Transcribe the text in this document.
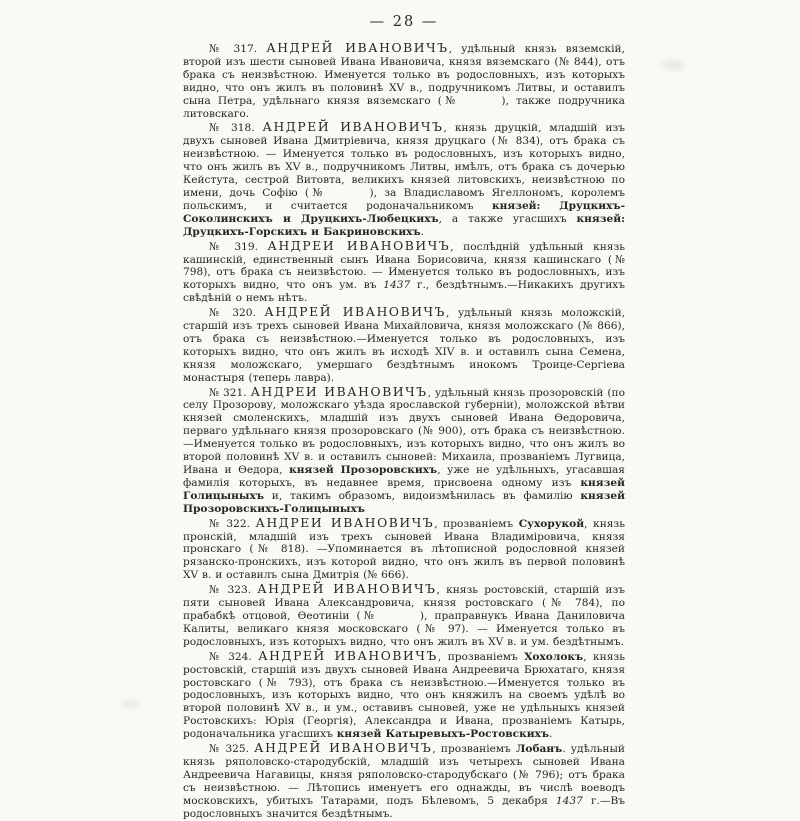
— 28 —

№ 317. АНДРЕЙ ИВАНОВИЧЪ, удѣльный князь вяземскій, второй изъ шести сыновей Ивана Ивановича, князя вяземскаго (№ 844), отъ брака съ неизвѣстною. Именуется только въ родословныхъ, изъ которыхъ видно, что онъ жилъ въ половинѣ XV в., подручникомъ Литвы, и оставилъ сына Петра, удѣльнаго князя вяземскаго (№      ), также подручника литовскаго.

№ 318. АНДРЕЙ ИВАНОВИЧЪ, князь друцкій, младшій изъ двухъ сыновей Ивана Дмитріевича, князя друцкаго (№ 834), отъ брака съ неизвѣстною. — Именуется только въ родословныхъ, изъ которыхъ видно, что онъ жилъ въ XV в., подручникомъ Литвы, имѣлъ, отъ брака съ дочерью Кейстута, сестрой Витовта, великихъ князей литовскихъ, неизвѣстною по имени, дочь Софію (№      ), за Владиславомъ Ягеллономъ, королемъ польскимъ, и считается родоначальникомъ князей: Друцкихъ-Соколинскихъ и Друцкихъ-Любецкихъ, а также угасшихъ князей: Друцкихъ-Горскихъ и Бакриновскихъ.

№ 319. АНДРЕИ ИВАНОВИЧЪ, послѣдній удѣльный князь кашинскій, единственный сынъ Ивана Борисовича, князя кашинскаго (№ 798), отъ брака съ неизвѣстою. — Именуется только въ родословныхъ, изъ которыхъ видно, что онъ ум. въ 1437 г., бездѣтнымъ.—Никакихъ другихъ свѣдѣній о немъ нѣтъ.

№ 320. АНДРЕЙ ИВАНОВИЧЪ, удѣльный князь моложскій, старшій изъ трехъ сыновей Ивана Михайловича, князя моложскаго (№ 866), отъ брака съ неизвѣстною.—Именуется только въ родословныхъ, изъ которыхъ видно, что онъ жилъ въ исходѣ XIV в. и оставилъ сына Семена, князя моложскаго, умершаго бездѣтнымъ инокомъ Троице-Сергіева монастыря (теперь лавра).

№ 321. АНДРЕИ ИВАНОВИЧЪ, удѣльный князь прозоровскій (по селу Прозорову, моложскаго уѣзда ярославской губерніи), моложской вѣтви князей смоленскихъ, младшій изъ двухъ сыновей Ивана Ѳедоровича, перваго удѣльнаго князя прозоровскаго (№ 900), отъ брака съ неизвѣстною.—Именуется только въ родословныхъ, изъ которыхъ видно, что онъ жилъ во второй половинѣ XV в. и оставилъ сыновей: Михаила, прозваніемъ Лугвица, Ивана и Ѳедора, князей Прозоровскихъ, уже не удѣльныхъ, угасавшая фамилія которыхъ, въ недавнее время, присвоена одному изъ князей Голицыныхъ и, такимъ образомъ, видоизмѣнилась въ фамилію князей Прозоровскихъ-Голицыныхъ

№ 322. АНДРЕИ ИВАНОВИЧЪ, прозваніемъ Сухорукой, князь пронскій, младшій изъ трехъ сыновей Ивана Владиміровича, князя пронскаго (№ 818). —Упоминается въ лѣтописной родословной князей рязанско-пронскихъ, изъ которой видно, что онъ жилъ въ первой половинѣ XV в. и оставилъ сына Дмитрія (№ 666).

№ 323. АНДРЕЙ ИВАНОВИЧЪ, князь ростовскій, старшій изъ пяти сыновей Ивана Александровича, князя ростовскаго (№ 784), по прабабкѣ отцовой, Ѳеотиніи (№      ), праправнукъ Ивана Даниловича Калиты, великаго князя московскаго (№ 97). — Именуется только въ родословныхъ, изъ которыхъ видно, что онъ жилъ въ XV в. и ум. бездѣтнымъ.

№ 324. АНДРЕЙ ИВАНОВИЧЪ, прозваніемъ Хохолокъ, князь ростовскій, старшій изъ двухъ сыновей Ивана Андреевича Брюхатаго, князя ростовскаго (№ 793), отъ брака съ неизвѣстною.—Именуется только въ родословныхъ, изъ которыхъ видно, что онъ княжилъ на своемъ удѣлѣ во второй половинѣ XV в., и ум., оставивъ сыновей, уже не удѣльныхъ князей Ростовскихъ: Юрія (Георгія), Александра и Ивана, прозваніемъ Катырь, родоначальника угасшихъ князей Катыревыхъ-Ростовскихъ.

№ 325. АНДРЕЙ ИВАНОВИЧЪ, прозваніемъ Лобанъ. удѣльный князь ряполовско-стародубскій, младшій изъ четырехъ сыновей Ивана Андреевича Нагавицы, князя ряполовско-стародубскаго (№ 796); отъ брака съ неизвѣстною. — Лѣтопись именуетъ его однажды, въ числѣ воеводъ московскихъ, убитыхъ Татарами, подъ Бѣлевомъ, 5 декабря 1437 г.—Въ родословныхъ значится бездѣтнымъ.
